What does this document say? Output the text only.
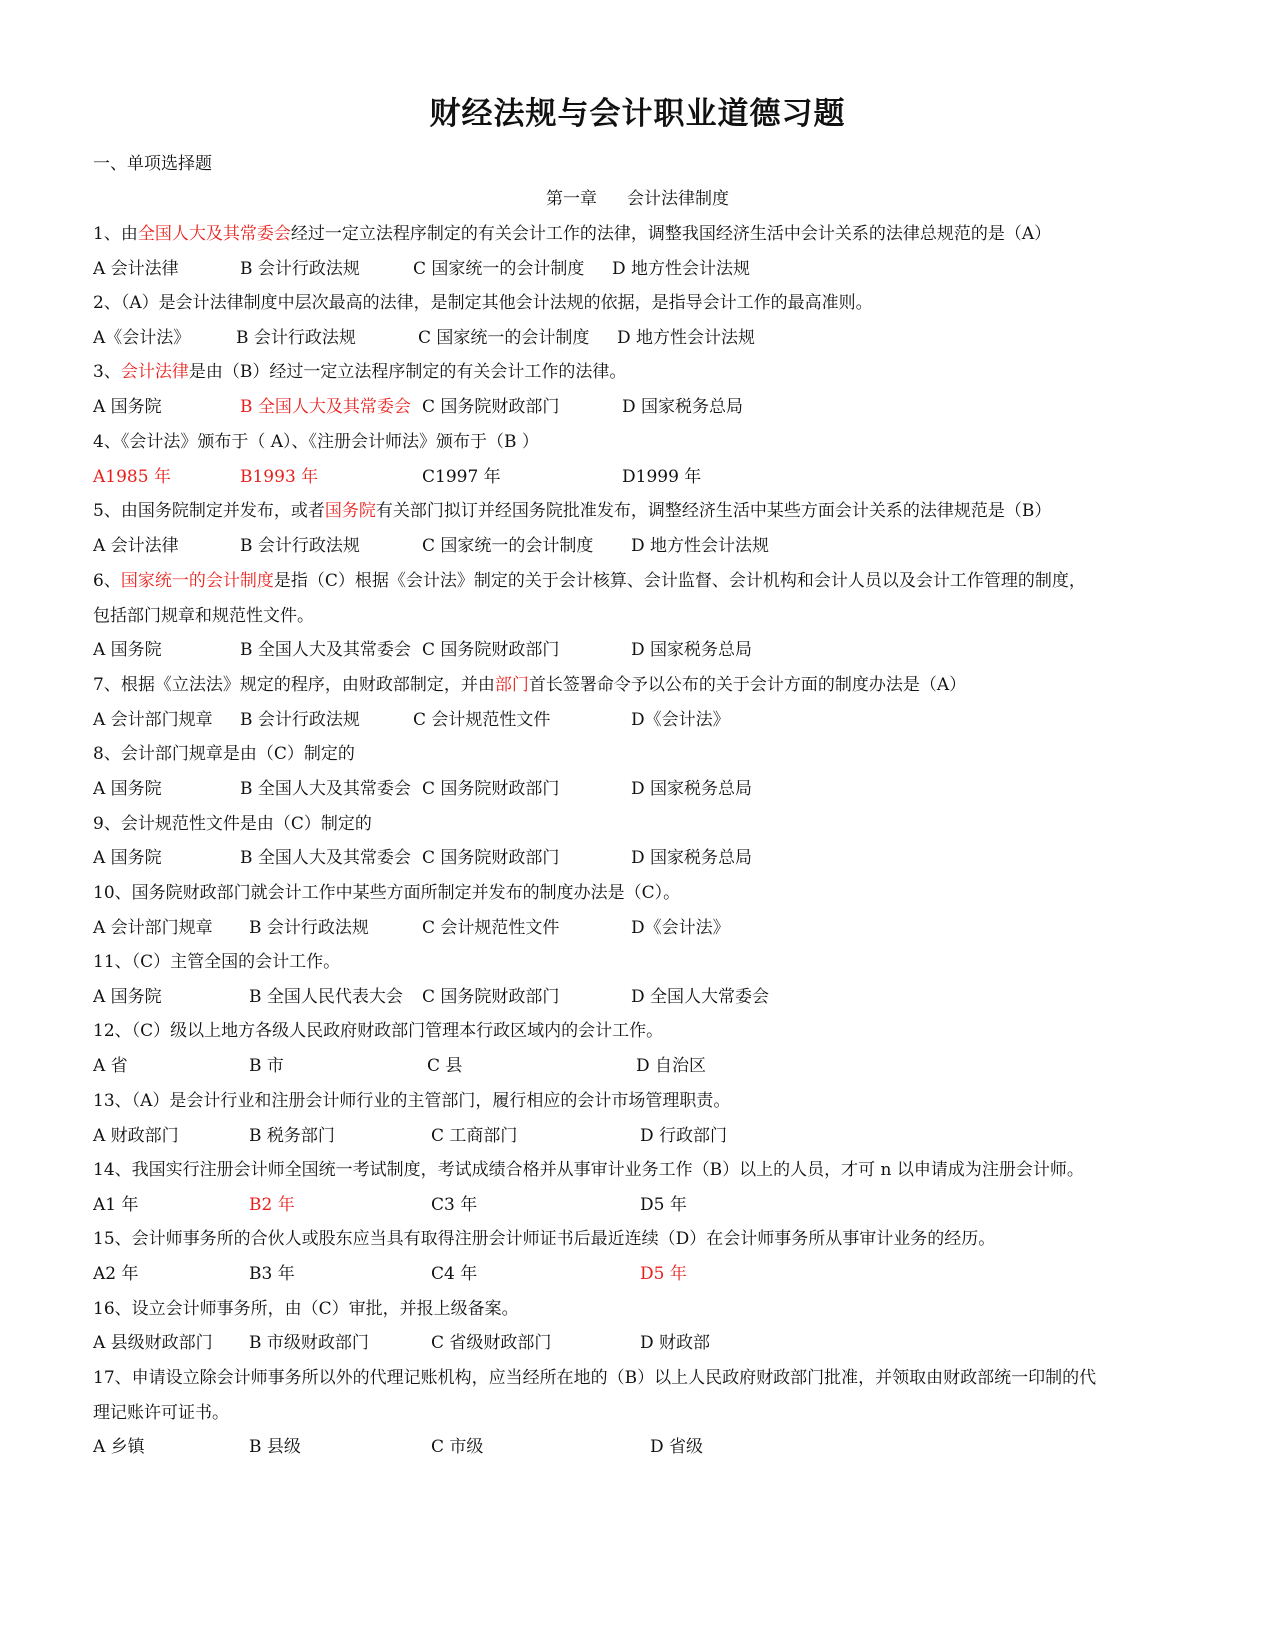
财经法规与会计职业道德习题
一、单项选择题
第一章 会计法律制度
1、由全国人大及其常委会经过一定立法程序制定的有关会计工作的法律，调整我国经济生活中会计关系的法律总规范的是（A）
A 会计法律	B 会计行政法规	C 国家统一的会计制度 D 地方性会计法规
2、（A）是会计法律制度中层次最高的法律，是制定其他会计法规的依据，是指导会计工作的最高准则。
A《会计法》	B 会计行政法规	C 国家统一的会计制度 D 地方性会计法规
3、会计法律是由（B）经过一定立法程序制定的有关会计工作的法律。
A 国务院	B 全国人大及其常委会 C 国务院财政部门	D 国家税务总局
4、《会计法》颁布于（ A）、《注册会计师法》颁布于（B ）
A1985 年	B1993 年	C1997 年	D1999 年
5、由国务院制定并发布，或者国务院有关部门拟订并经国务院批准发布，调整经济生活中某些方面会计关系的法律规范是（B）
A 会计法律	B 会计行政法规	C 国家统一的会计制度 D 地方性会计法规
6、国家统一的会计制度是指（C）根据《会计法》制定的关于会计核算、会计监督、会计机构和会计人员以及会计工作管理的制度，
包括部门规章和规范性文件。
A 国务院	B 全国人大及其常委会 C 国务院财政部门	D 国家税务总局
7、根据《立法法》规定的程序，由财政部制定，并由部门首长签署命令予以公布的关于会计方面的制度办法是（A）
A 会计部门规章 B 会计行政法规	C 会计规范性文件	D《会计法》
8、会计部门规章是由（C）制定的
A 国务院	B 全国人大及其常委会 C 国务院财政部门	D 国家税务总局
9、会计规范性文件是由（C）制定的
A 国务院	B 全国人大及其常委会 C 国务院财政部门	D 国家税务总局
10、国务院财政部门就会计工作中某些方面所制定并发布的制度办法是（C）。
A 会计部门规章 B 会计行政法规	C 会计规范性文件	D《会计法》
11、（C）主管全国的会计工作。
A 国务院	B 全国人民代表大会 C 国务院财政部门	D 全国人大常委会
12、（C）级以上地方各级人民政府财政部门管理本行政区域内的会计工作。
A 省	B 市	C 县	D 自治区
13、（A）是会计行业和注册会计师行业的主管部门，履行相应的会计市场管理职责。
A 财政部门	B 税务部门	C 工商部门	D 行政部门
14、我国实行注册会计师全国统一考试制度，考试成绩合格并从事审计业务工作（B）以上的人员，才可 n 以申请成为注册会计师。
A1 年	B2 年	C3 年	D5 年
15、会计师事务所的合伙人或股东应当具有取得注册会计师证书后最近连续（D）在会计师事务所从事审计业务的经历。
A2 年	B3 年	C4 年	D5 年
16、设立会计师事务所，由（C）审批，并报上级备案。
A 县级财政部门 B 市级财政部门	C 省级财政部门	D 财政部
17、申请设立除会计师事务所以外的代理记账机构，应当经所在地的（B）以上人民政府财政部门批准，并领取由财政部统一印制的代
理记账许可证书。
A 乡镇	B 县级	C 市级	D 省级
